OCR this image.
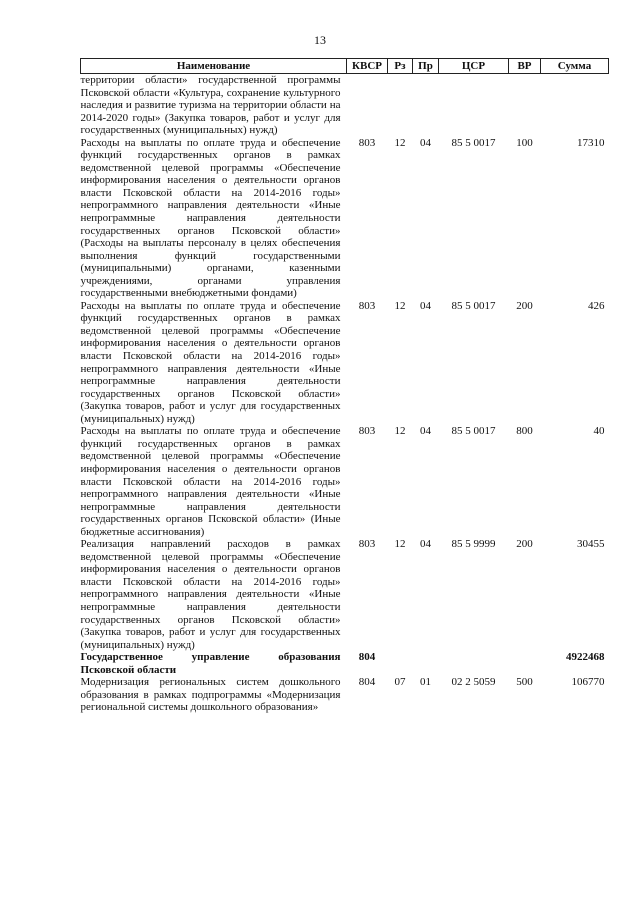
13
Наименование	КВСР	Рз	Пр	ЦСР	ВР	Сумма
территории области» государственной программы Псковской области «Культура, сохранение культурного наследия и развитие туризма на территории области на 2014-2020 годы» (Закупка товаров, работ и услуг для государственных (муниципальных) нужд)						
Расходы на выплаты по оплате труда и обеспечение функций государственных органов в рамках ведомственной целевой программы «Обеспечение информирования населения о деятельности органов власти Псковской области на 2014-2016 годы» непрограммного направления деятельности «Иные непрограммные направления деятельности государственных органов Псковской области» (Расходы на выплаты персоналу в целях обеспечения выполнения функций государственными (муниципальными) органами, казенными учреждениями, органами управления государственными внебюджетными фондами)	803	12	04	85 5 0017	100	17310
Расходы на выплаты по оплате труда и обеспечение функций государственных органов в рамках ведомственной целевой программы «Обеспечение информирования населения о деятельности органов власти Псковской области на 2014-2016 годы» непрограммного направления деятельности «Иные непрограммные направления деятельности государственных органов Псковской области» (Закупка товаров, работ и услуг для государственных (муниципальных) нужд)	803	12	04	85 5 0017	200	426
Расходы на выплаты по оплате труда и обеспечение функций государственных органов в рамках ведомственной целевой программы «Обеспечение информирования населения о деятельности органов власти Псковской области на 2014-2016 годы» непрограммного направления деятельности «Иные непрограммные направления деятельности государственных органов Псковской области» (Иные бюджетные ассигнования)	803	12	04	85 5 0017	800	40
Реализация направлений расходов в рамках ведомственной целевой программы «Обеспечение информирования населения о деятельности органов власти Псковской области на 2014-2016 годы» непрограммного направления деятельности «Иные непрограммные направления деятельности государственных органов Псковской области» (Закупка товаров, работ и услуг для государственных (муниципальных) нужд)	803	12	04	85 5 9999	200	30455
Государственное управление образования Псковской области	804					4922468
Модернизация региональных систем дошкольного образования в рамках подпрограммы «Модернизация региональной системы дошкольного образования»	804	07	01	02 2 5059	500	106770
